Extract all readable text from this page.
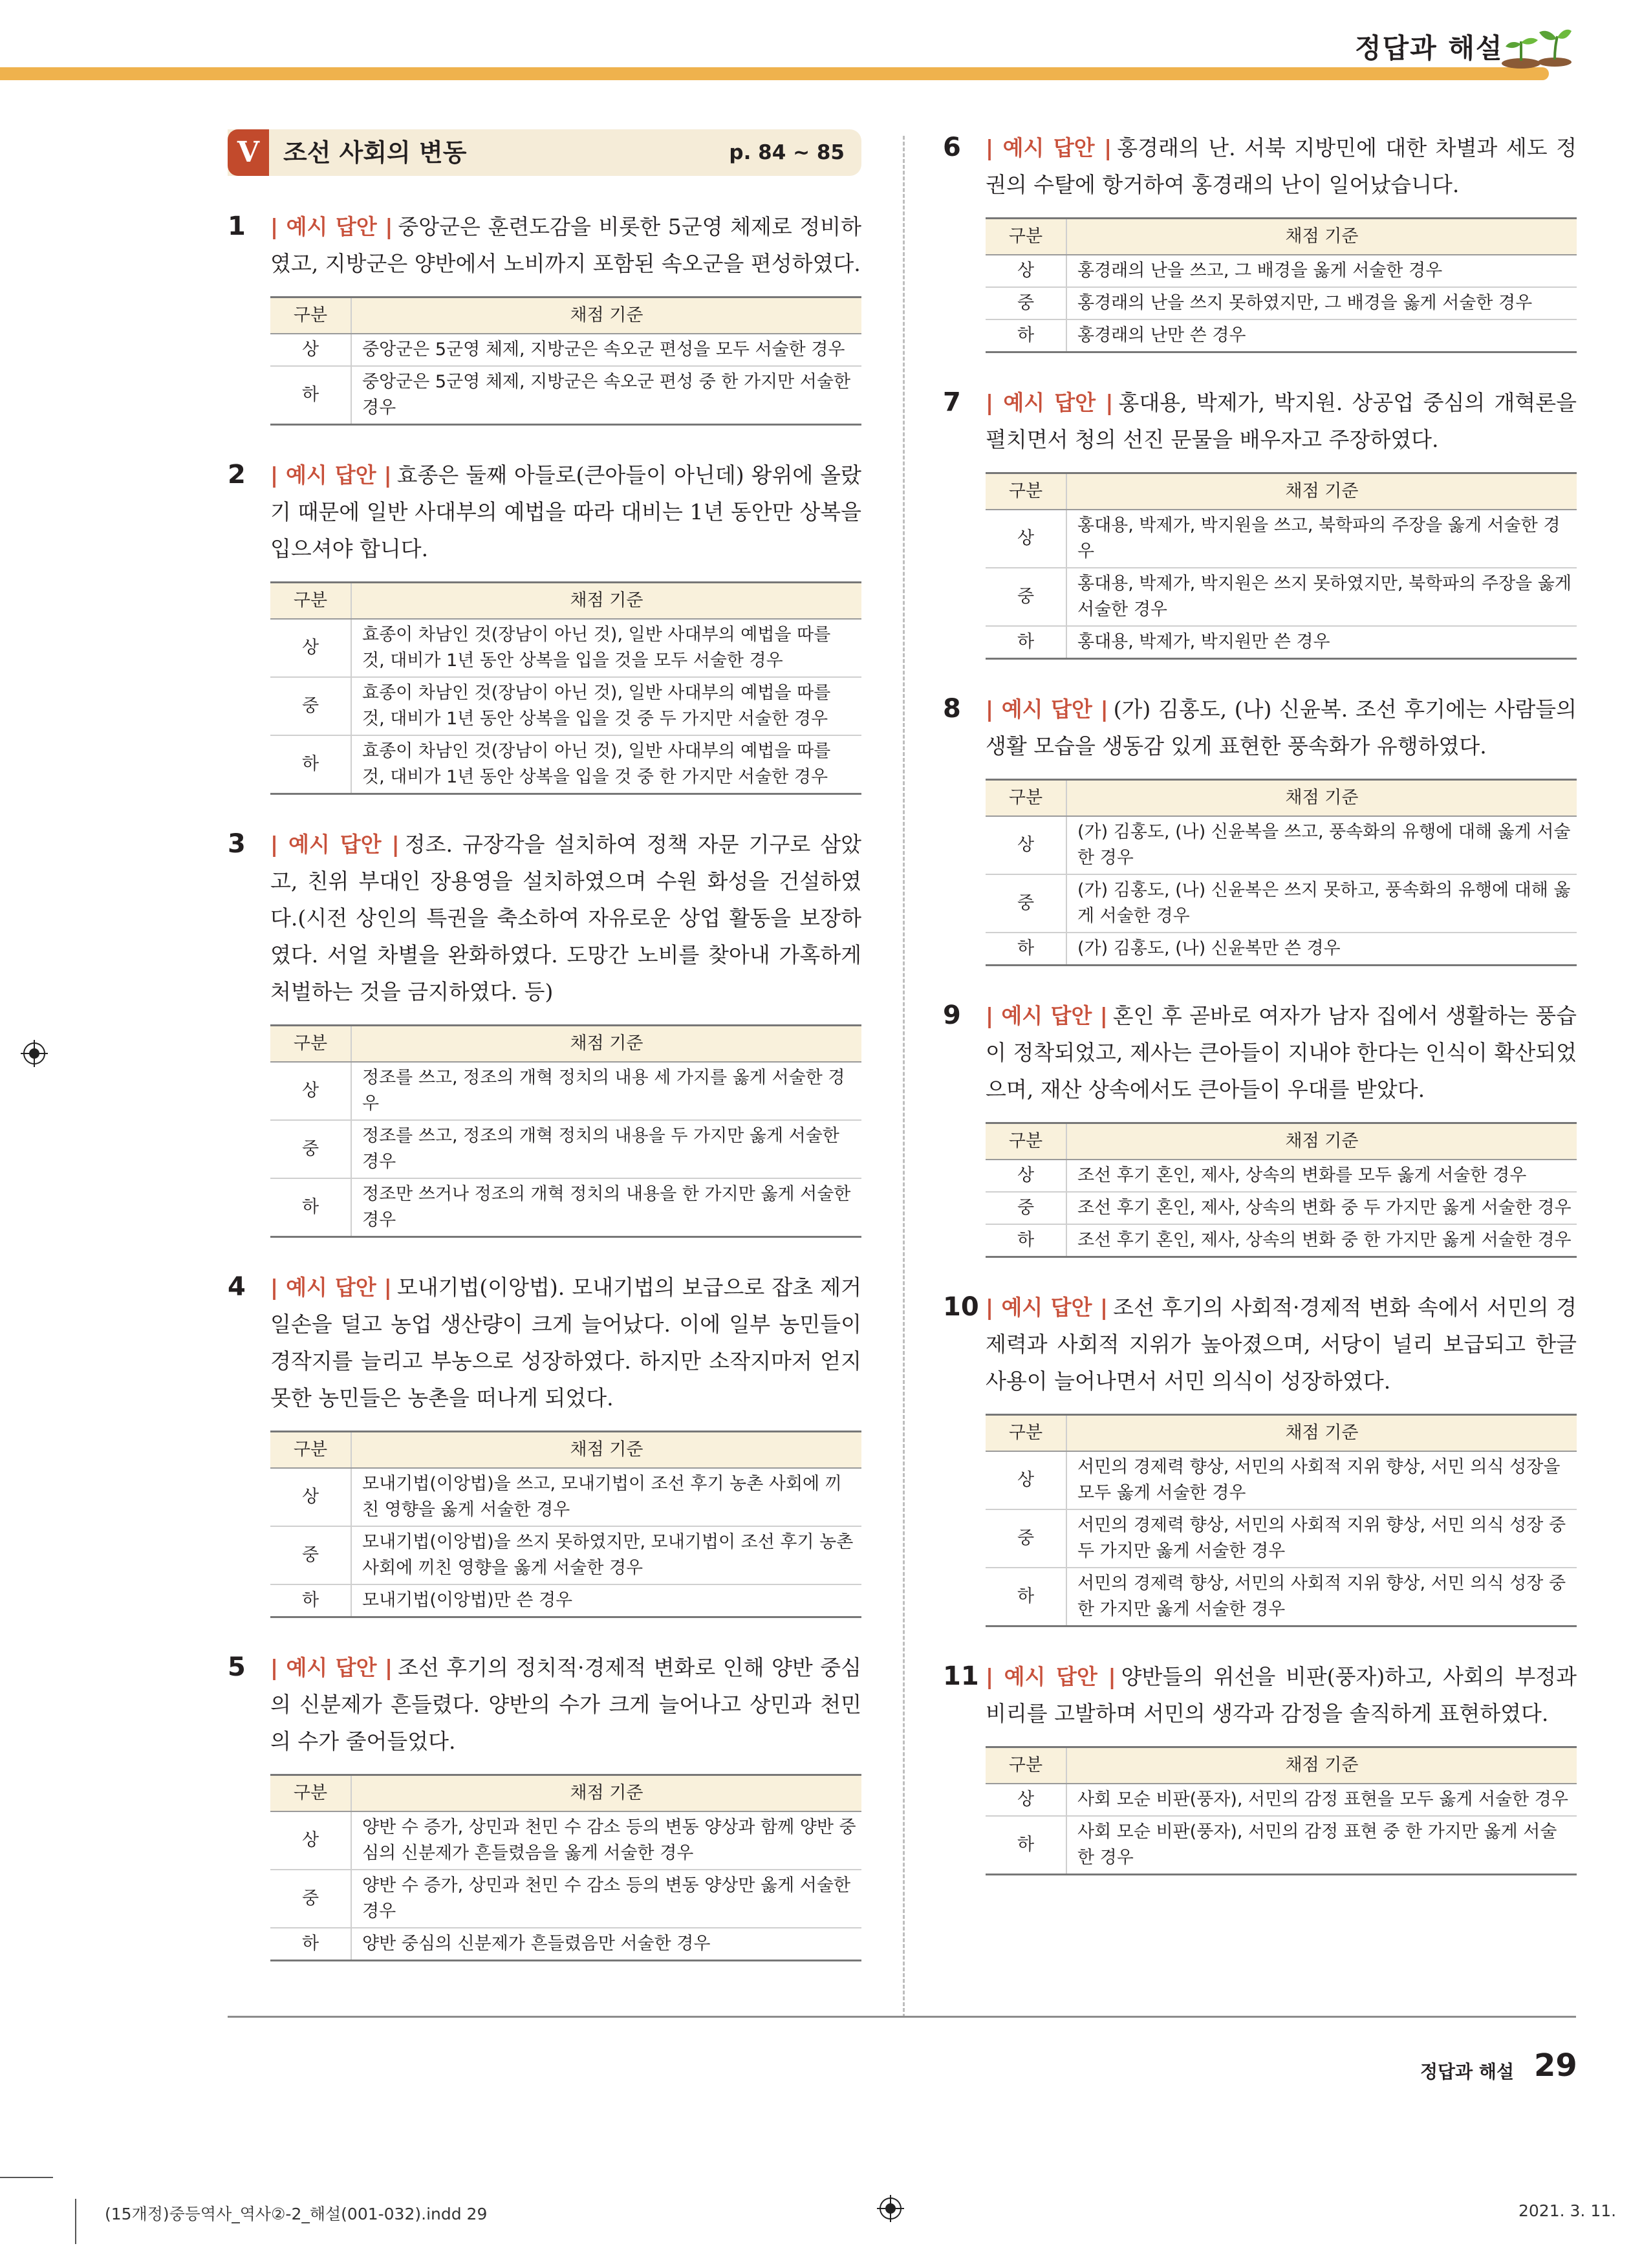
정답과 해설
V 조선 사회의 변동	p. 84 ~ 85
1	| 예시 답안 | 중앙군은 훈련도감을 비롯한 5군영 체제로 정비하였고, 지방군은 양반에서 노비까지 포함된 속오군을 편성하였다.
구분	채점 기준
상	중앙군은 5군영 체제, 지방군은 속오군 편성을 모두 서술한 경우
하	중앙군은 5군영 체제, 지방군은 속오군 편성 중 한 가지만 서술한 경우
2	| 예시 답안 | 효종은 둘째 아들로(큰아들이 아닌데) 왕위에 올랐기 때문에 일반 사대부의 예법을 따라 대비는 1년 동안만 상복을 입으셔야 합니다.
구분	채점 기준
상	효종이 차남인 것(장남이 아닌 것), 일반 사대부의 예법을 따를 것, 대비가 1년 동안 상복을 입을 것을 모두 서술한 경우
중	효종이 차남인 것(장남이 아닌 것), 일반 사대부의 예법을 따를 것, 대비가 1년 동안 상복을 입을 것 중 두 가지만 서술한 경우
하	효종이 차남인 것(장남이 아닌 것), 일반 사대부의 예법을 따를 것, 대비가 1년 동안 상복을 입을 것 중 한 가지만 서술한 경우
3	| 예시 답안 | 정조. 규장각을 설치하여 정책 자문 기구로 삼았고, 친위 부대인 장용영을 설치하였으며 수원 화성을 건설하였다.(시전 상인의 특권을 축소하여 자유로운 상업 활동을 보장하였다. 서얼 차별을 완화하였다. 도망간 노비를 찾아내 가혹하게 처벌하는 것을 금지하였다. 등)
구분	채점 기준
상	정조를 쓰고, 정조의 개혁 정치의 내용 세 가지를 옳게 서술한 경우
중	정조를 쓰고, 정조의 개혁 정치의 내용을 두 가지만 옳게 서술한 경우
하	정조만 쓰거나 정조의 개혁 정치의 내용을 한 가지만 옳게 서술한 경우
4	| 예시 답안 | 모내기법(이앙법). 모내기법의 보급으로 잡초 제거 일손을 덜고 농업 생산량이 크게 늘어났다. 이에 일부 농민들이 경작지를 늘리고 부농으로 성장하였다. 하지만 소작지마저 얻지 못한 농민들은 농촌을 떠나게 되었다.
구분	채점 기준
상	모내기법(이앙법)을 쓰고, 모내기법이 조선 후기 농촌 사회에 끼친 영향을 옳게 서술한 경우
중	모내기법(이앙법)을 쓰지 못하였지만, 모내기법이 조선 후기 농촌 사회에 끼친 영향을 옳게 서술한 경우
하	모내기법(이앙법)만 쓴 경우
5	| 예시 답안 | 조선 후기의 정치적·경제적 변화로 인해 양반 중심의 신분제가 흔들렸다. 양반의 수가 크게 늘어나고 상민과 천민의 수가 줄어들었다.
구분	채점 기준
상	양반 수 증가, 상민과 천민 수 감소 등의 변동 양상과 함께 양반 중심의 신분제가 흔들렸음을 옳게 서술한 경우
중	양반 수 증가, 상민과 천민 수 감소 등의 변동 양상만 옳게 서술한 경우
하	양반 중심의 신분제가 흔들렸음만 서술한 경우
6	| 예시 답안 | 홍경래의 난. 서북 지방민에 대한 차별과 세도 정권의 수탈에 항거하여 홍경래의 난이 일어났습니다.
구분	채점 기준
상	홍경래의 난을 쓰고, 그 배경을 옳게 서술한 경우
중	홍경래의 난을 쓰지 못하였지만, 그 배경을 옳게 서술한 경우
하	홍경래의 난만 쓴 경우
7	| 예시 답안 | 홍대용, 박제가, 박지원. 상공업 중심의 개혁론을 펼치면서 청의 선진 문물을 배우자고 주장하였다.
구분	채점 기준
상	홍대용, 박제가, 박지원을 쓰고, 북학파의 주장을 옳게 서술한 경우
중	홍대용, 박제가, 박지원은 쓰지 못하였지만, 북학파의 주장을 옳게 서술한 경우
하	홍대용, 박제가, 박지원만 쓴 경우
8	| 예시 답안 | (가) 김홍도, (나) 신윤복. 조선 후기에는 사람들의 생활 모습을 생동감 있게 표현한 풍속화가 유행하였다.
구분	채점 기준
상	(가) 김홍도, (나) 신윤복을 쓰고, 풍속화의 유행에 대해 옳게 서술한 경우
중	(가) 김홍도, (나) 신윤복은 쓰지 못하고, 풍속화의 유행에 대해 옳게 서술한 경우
하	(가) 김홍도, (나) 신윤복만 쓴 경우
9	| 예시 답안 | 혼인 후 곧바로 여자가 남자 집에서 생활하는 풍습이 정착되었고, 제사는 큰아들이 지내야 한다는 인식이 확산되었으며, 재산 상속에서도 큰아들이 우대를 받았다.
구분	채점 기준
상	조선 후기 혼인, 제사, 상속의 변화를 모두 옳게 서술한 경우
중	조선 후기 혼인, 제사, 상속의 변화 중 두 가지만 옳게 서술한 경우
하	조선 후기 혼인, 제사, 상속의 변화 중 한 가지만 옳게 서술한 경우
10 | 예시 답안 | 조선 후기의 사회적·경제적 변화 속에서 서민의 경제력과 사회적 지위가 높아졌으며, 서당이 널리 보급되고 한글 사용이 늘어나면서 서민 의식이 성장하였다.
구분	채점 기준
상	서민의 경제력 향상, 서민의 사회적 지위 향상, 서민 의식 성장을 모두 옳게 서술한 경우
중	서민의 경제력 향상, 서민의 사회적 지위 향상, 서민 의식 성장 중 두 가지만 옳게 서술한 경우
하	서민의 경제력 향상, 서민의 사회적 지위 향상, 서민 의식 성장 중 한 가지만 옳게 서술한 경우
11 | 예시 답안 | 양반들의 위선을 비판(풍자)하고, 사회의 부정과 비리를 고발하며 서민의 생각과 감정을 솔직하게 표현하였다.
구분	채점 기준
상	사회 모순 비판(풍자), 서민의 감정 표현을 모두 옳게 서술한 경우
하	사회 모순 비판(풍자), 서민의 감정 표현 중 한 가지만 옳게 서술한 경우
정답과 해설 29
(15개정)중등역사_역사②-2_해설(001-032).indd 29	2021. 3. 11.
